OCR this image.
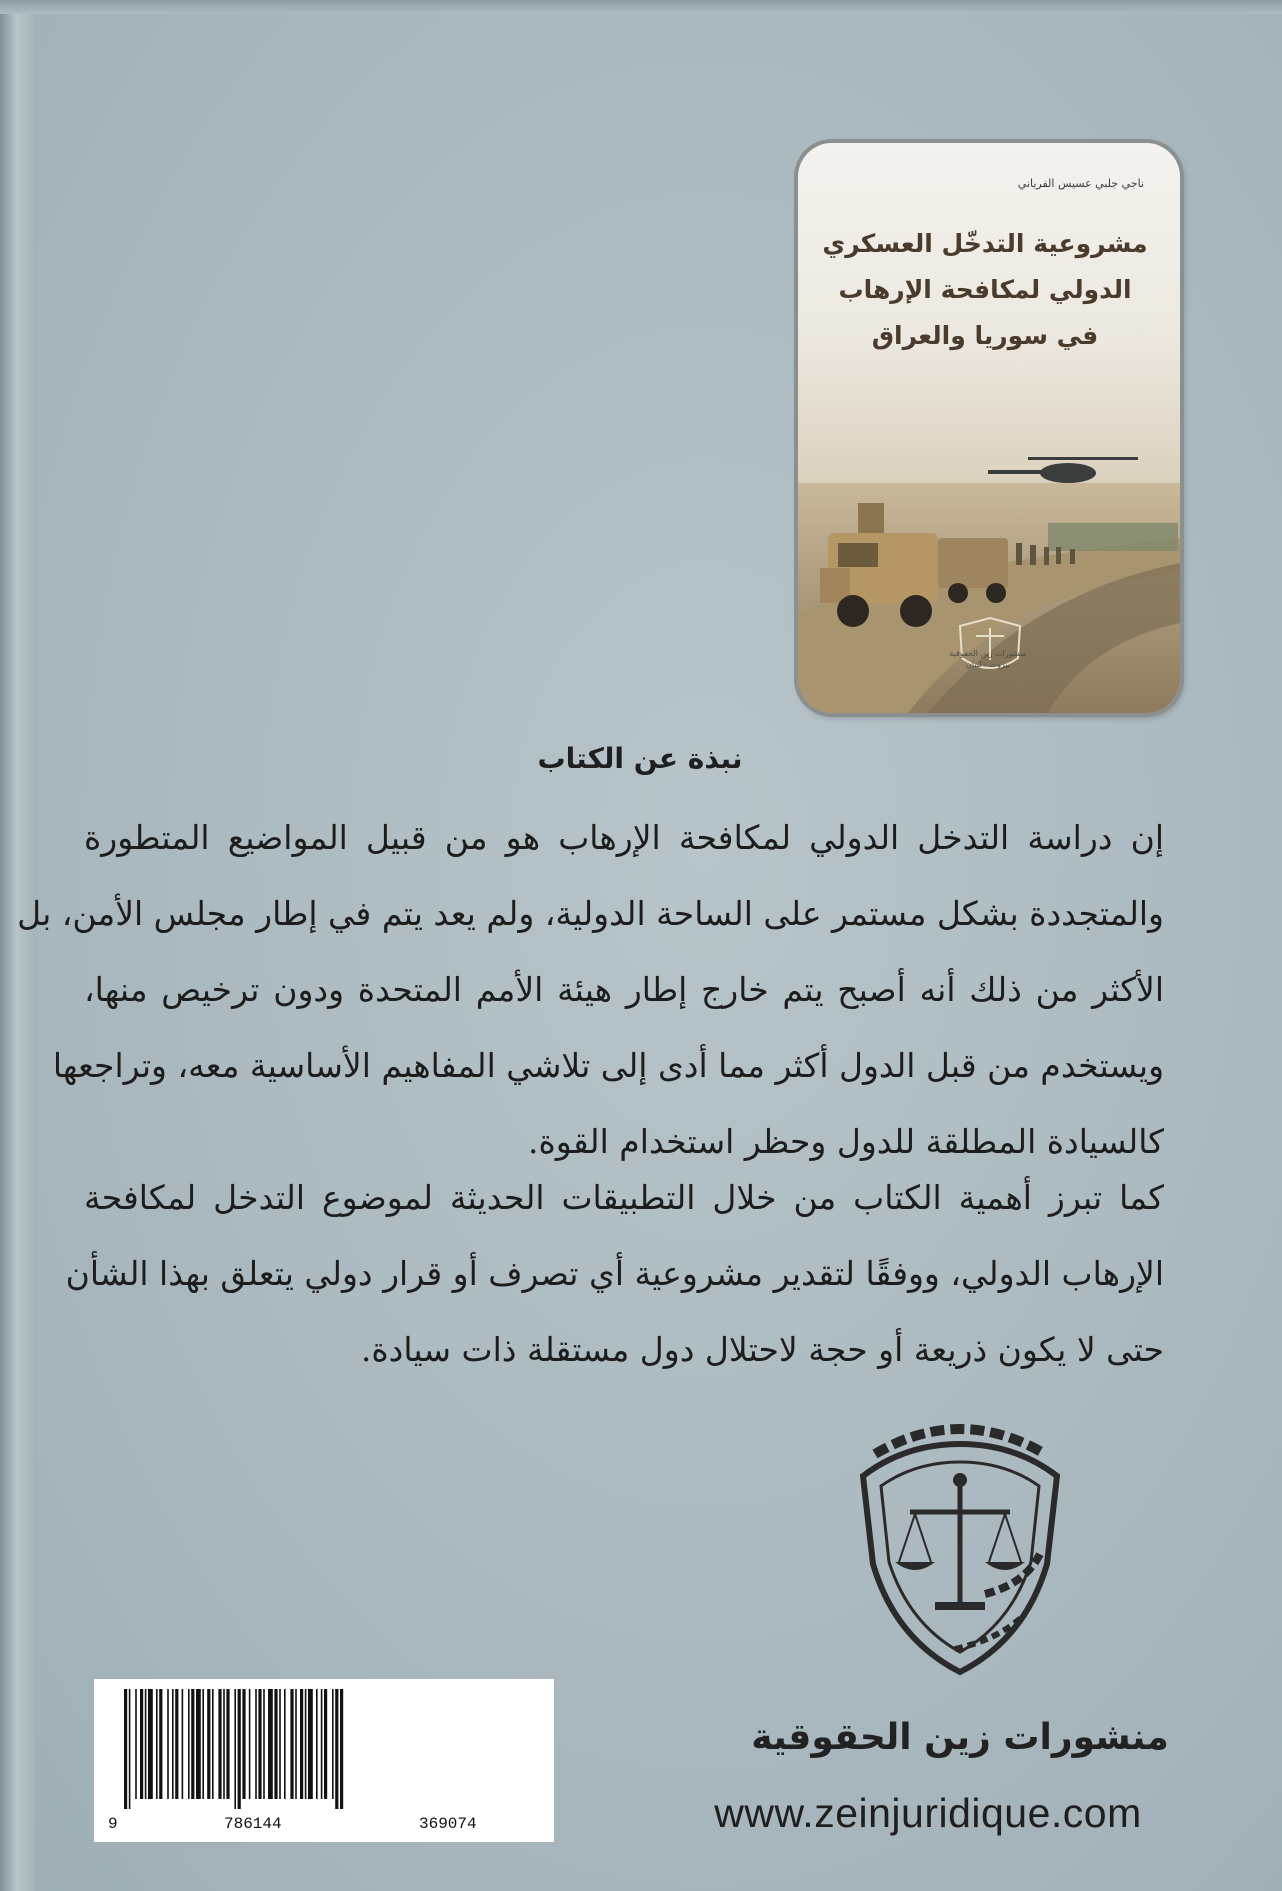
ناجي جلبي عسيس الفرياني
مشروعية التدخّل العسكري
الدولي لمكافحة الإرهاب
في سوريا والعراق
منشورات زين الحقوقية
بيروت - لبنان
نبذة عن الكتاب
إن دراسة التدخل الدولي لمكافحة الإرهاب هو من قبيل المواضيع المتطورة
والمتجددة بشكل مستمر على الساحة الدولية، ولم يعد يتم في إطار مجلس الأمن، بل
الأكثر من ذلك أنه أصبح يتم خارج إطار هيئة الأمم المتحدة ودون ترخيص منها،
ويستخدم من قبل الدول أكثر مما أدى إلى تلاشي المفاهيم الأساسية معه، وتراجعها
كالسيادة المطلقة للدول وحظر استخدام القوة.
كما تبرز أهمية الكتاب من خلال التطبيقات الحديثة لموضوع التدخل لمكافحة
الإرهاب الدولي، ووفقًا لتقدير مشروعية أي تصرف أو قرار دولي يتعلق بهذا الشأن
حتى لا يكون ذريعة أو حجة لاحتلال دول مستقلة ذات سيادة.
منشورات زين الحقوقية
www.zeinjuridique.com
9	786144	369074
